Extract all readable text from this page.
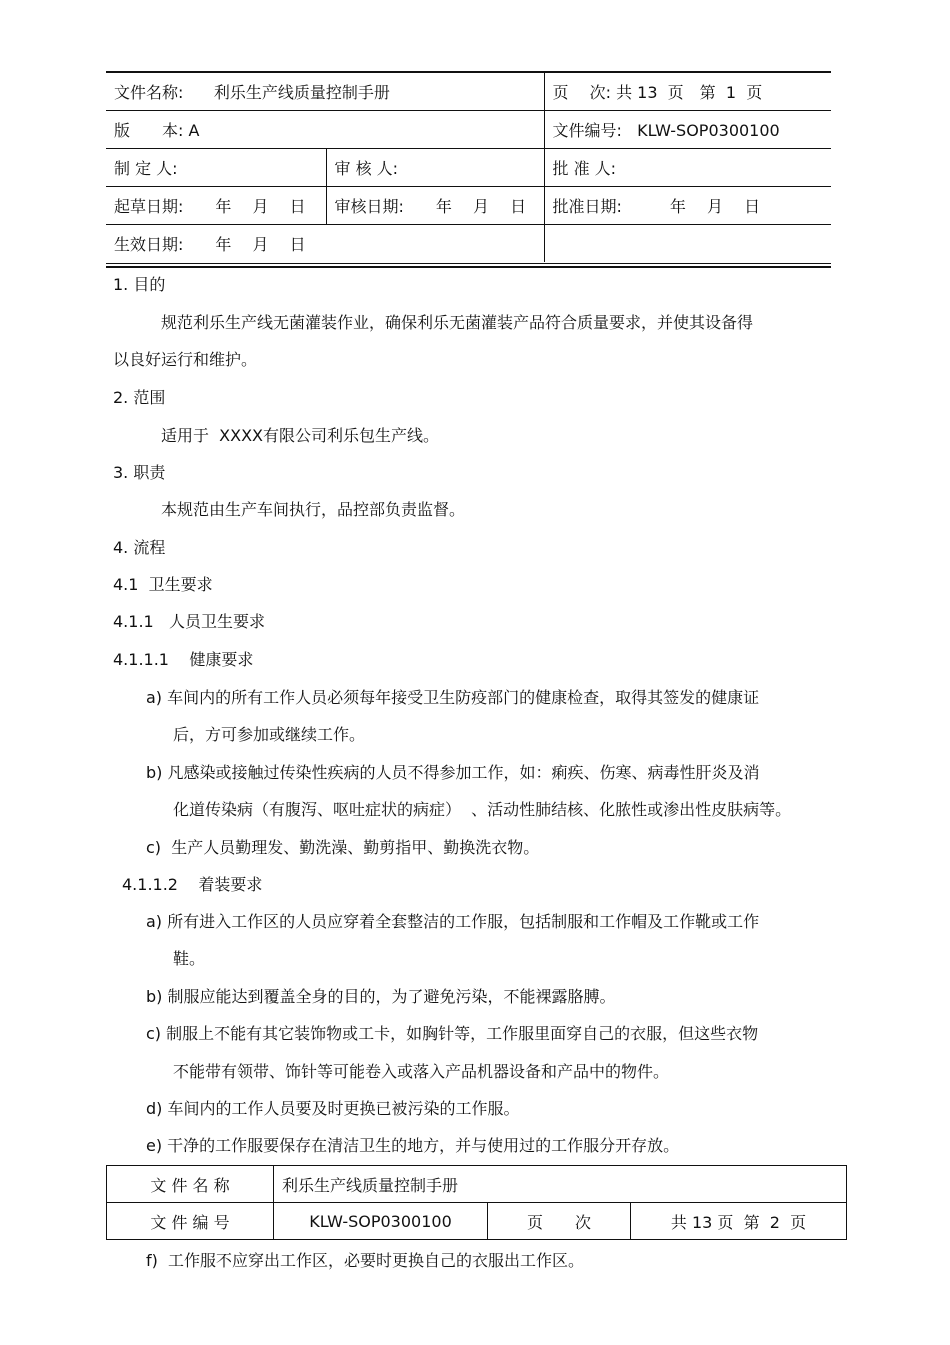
文件名称: 利乐生产线质量控制手册		页　 次: 共 13  页　第  1  页
版　　本: A		文件编号: KLW-SOP0300100
制 定 人:	审 核 人:	批 准 人:
起草日期:　　年　 月　 日	审核日期:　　年　 月　 日	批准日期:　　　年　 月　 日
生效日期:　　年　 月　 日		
1. 目的
规范利乐生产线无菌灌装作业，确保利乐无菌灌装产品符合质量要求，并使其设备得
以良好运行和维护。
2. 范围
适用于  XXXX有限公司利乐包生产线。
3. 职责
本规范由生产车间执行，品控部负责监督。
4. 流程
4.1  卫生要求
4.1.1   人员卫生要求
4.1.1.1    健康要求
a) 车间内的所有工作人员必须每年接受卫生防疫部门的健康检查，取得其签发的健康证
后，方可参加或继续工作。
b) 凡感染或接触过传染性疾病的人员不得参加工作，如：痢疾、伤寒、病毒性肝炎及消
化道传染病（有腹泻、呕吐症状的病症）  、活动性肺结核、化脓性或渗出性皮肤病等。
c)  生产人员勤理发、勤洗澡、勤剪指甲、勤换洗衣物。
4.1.1.2    着装要求
a) 所有进入工作区的人员应穿着全套整洁的工作服，包括制服和工作帽及工作靴或工作
鞋。
b) 制服应能达到覆盖全身的目的，为了避免污染，不能裸露胳膊。
c) 制服上不能有其它装饰物或工卡，如胸针等，工作服里面穿自己的衣服，但这些衣物
不能带有领带、饰针等可能卷入或落入产品机器设备和产品中的物件。
d) 车间内的工作人员要及时更换已被污染的工作服。
e) 干净的工作服要保存在清洁卫生的地方，并与使用过的工作服分开存放。
文 件 名 称	利乐生产线质量控制手册		
文 件 编 号	KLW-SOP0300100	页　　次	共 13 页  第  2  页
f)  工作服不应穿出工作区，必要时更换自己的衣服出工作区。
